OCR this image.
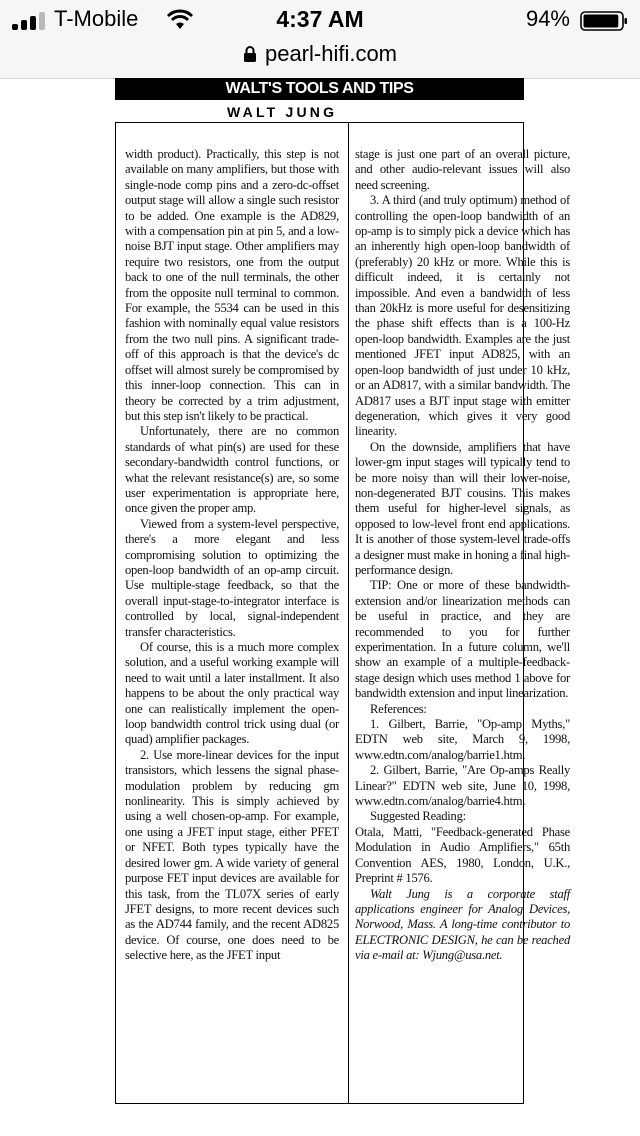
T-Mobile	4:37 AM	94%
pearl-hifi.com
WALT'S TOOLS AND TIPS
WALT JUNG

width product). Practically, this step is not available on many amplifiers, but those with single-node comp pins and a zero-dc-offset output stage will allow a single such resistor to be added. One example is the AD829, with a compensation pin at pin 5, and a low-noise BJT input stage. Other amplifiers may require two resistors, one from the output back to one of the null terminals, the other from the opposite null terminal to common. For example, the 5534 can be used in this fashion with nominally equal value resistors from the two null pins. A significant trade-off of this approach is that the device's dc offset will almost surely be compromised by this inner-loop connection. This can in theory be corrected by a trim adjustment, but this step isn't likely to be practical.

Unfortunately, there are no common standards of what pin(s) are used for these secondary-bandwidth control functions, or what the relevant resistance(s) are, so some user experimentation is appropriate here, once given the proper amp.

Viewed from a system-level perspective, there's a more elegant and less compromising solution to optimizing the open-loop bandwidth of an op-amp circuit. Use multiple-stage feedback, so that the overall input-stage-to-integrator interface is controlled by local, signal-independent transfer characteristics.

Of course, this is a much more complex solution, and a useful working example will need to wait until a later installment. It also happens to be about the only practical way one can realistically implement the open-loop bandwidth control trick using dual (or quad) amplifier packages.

2. Use more-linear devices for the input transistors, which lessens the signal phase-modulation problem by reducing gm nonlinearity. This is simply achieved by using a well chosen-op-amp. For example, one using a JFET input stage, either PFET or NFET. Both types typically have the desired lower gm. A wide variety of general purpose FET input devices are available for this task, from the TL07X series of early JFET designs, to more recent devices such as the AD744 family, and the recent AD825 device. Of course, one does need to be selective here, as the JFET input

stage is just one part of an overall picture, and other audio-relevant issues will also need screening.

3. A third (and truly optimum) method of controlling the open-loop bandwidth of an op-amp is to simply pick a device which has an inherently high open-loop bandwidth of (preferably) 20 kHz or more. While this is difficult indeed, it is certainly not impossible. And even a bandwidth of less than 20kHz is more useful for desensitizing the phase shift effects than is a 100-Hz open-loop bandwidth. Examples are the just mentioned JFET input AD825, with an open-loop bandwidth of just under 10 kHz, or an AD817, with a similar bandwidth. The AD817 uses a BJT input stage with emitter degeneration, which gives it very good linearity.

On the downside, amplifiers that have lower-gm input stages will typically tend to be more noisy than will their lower-noise, non-degenerated BJT cousins. This makes them useful for higher-level signals, as opposed to low-level front end applications. It is another of those system-level trade-offs a designer must make in honing a final high-performance design.

TIP: One or more of these bandwidth-extension and/or linearization methods can be useful in practice, and they are recommended to you for further experimentation. In a future column, we'll show an example of a multiple-feedback-stage design which uses method 1 above for bandwidth extension and input linearization.

References:

1. Gilbert, Barrie, "Op-amp Myths," EDTN web site, March 9, 1998, www.edtn.com/analog/barrie1.htm.

2. Gilbert, Barrie, "Are Op-amps Really Linear?" EDTN web site, June 10, 1998, www.edtn.com/analog/barrie4.htm.

Suggested Reading:

Otala, Matti, "Feedback-generated Phase Modulation in Audio Amplifiers," 65th Convention AES, 1980, London, U.K., Preprint # 1576.

Walt Jung is a corporate staff applications engineer for Analog Devices, Norwood, Mass. A long-time contributor to ELECTRONIC DESIGN, he can be reached via e-mail at: Wjung@usa.net.
